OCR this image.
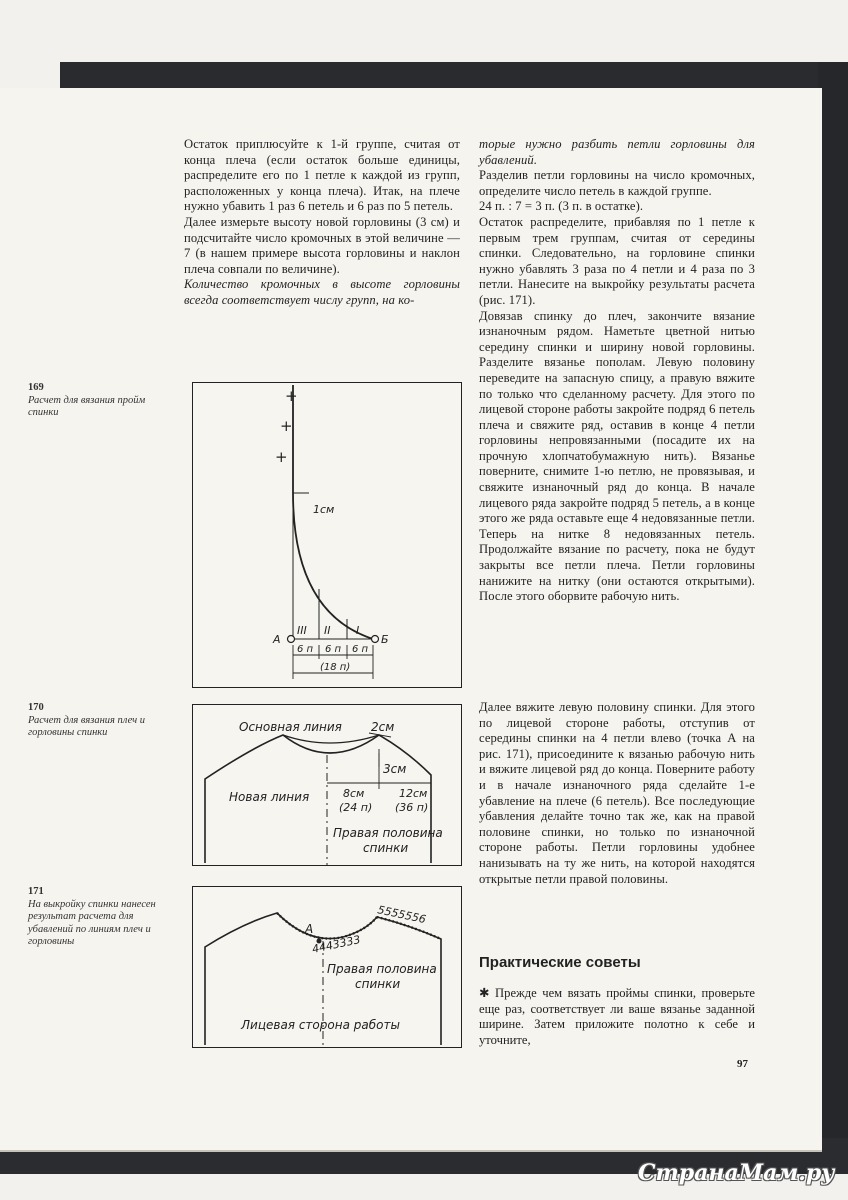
Остаток приплюсуйте к 1-й группе, считая от конца плеча (если остаток больше единицы, распределите его по 1 петле к каждой из групп, расположенных у конца плеча). Итак, на плече нужно убавить 1 раз 6 петель и 6 раз по 5 петель.

Далее измерьте высоту новой горловины (3 см) и подсчитайте число кромочных в этой величине — 7 (в нашем примере высота горловины и наклон плеча совпали по величине).

Количество кромочных в высоте горловины всегда соответствует числу групп, на ко-

торые нужно разбить петли горловины для убавлений.

Разделив петли горловины на число кромочных, определите число петель в каждой группе.

24 п. : 7 = 3 п. (3 п. в остатке).

Остаток распределите, прибавляя по 1 петле к первым трем группам, считая от середины спинки. Следовательно, на горловине спинки нужно убавлять 3 раза по 4 петли и 4 раза по 3 петли. Нанесите на выкройку результаты расчета (рис. 171).

Довязав спинку до плеч, закончите вязание изнаночным рядом. Наметьте цветной нитью середину спинки и ширину новой горловины. Разделите вязанье пополам. Левую половину переведите на запасную спицу, а правую вяжите по только что сделанному расчету. Для этого по лицевой стороне работы закройте подряд 6 петель плеча и свяжите ряд, оставив в конце 4 петли горловины непровязанными (посадите их на прочную хлопчатобумажную нить). Вязанье поверните, снимите 1-ю петлю, не провязывая, и свяжите изнаночный ряд до конца. В начале лицевого ряда закройте подряд 5 петель, а в конце этого же ряда оставьте еще 4 недовязанные петли. Теперь на нитке 8 недовязанных петель. Продолжайте вязание по расчету, пока не будут закрыты все петли плеча. Петли горловины нанижите на нитку (они остаются открытыми). После этого оборвите рабочую нить.

Далее вяжите левую половину спинки. Для этого по лицевой стороне работы, отступив от середины спинки на 4 петли влево (точка А на рис. 171), присоедините к вязанью рабочую нить и вяжите лицевой ряд до конца. Поверните работу и в начале изнаночного ряда сделайте 1-е убавление на плече (6 петель). Все последующие убавления делайте точно так же, как на правой половине спинки, но только по изнаночной стороне работы. Петли горловины удобнее нанизывать на ту же нить, на которой находятся открытые петли правой половины.

Практические советы
✱ Прежде чем вязать проймы спинки, проверьте еще раз, соответствует ли ваше вязанье заданной ширине. Затем приложите полотно к себе и уточните,
97
169
Расчет для вязания пройм спинки
170
Расчет для вязания плеч и горловины спинки
171
На выкройку спинки нанесен результат расчета для убавлений по линиям плеч и горловины
+
+
+
1см
III II I
А	Б
6 п 6 п 6 п
(18 п)
Основная линия
Новая линия
2см
3см
8см
(24 п)
12см
(36 п)
Правая половина
спинки
А
4443333
5555556
Правая половина
спинки
Лицевая сторона работы
СтранаМам.ру
